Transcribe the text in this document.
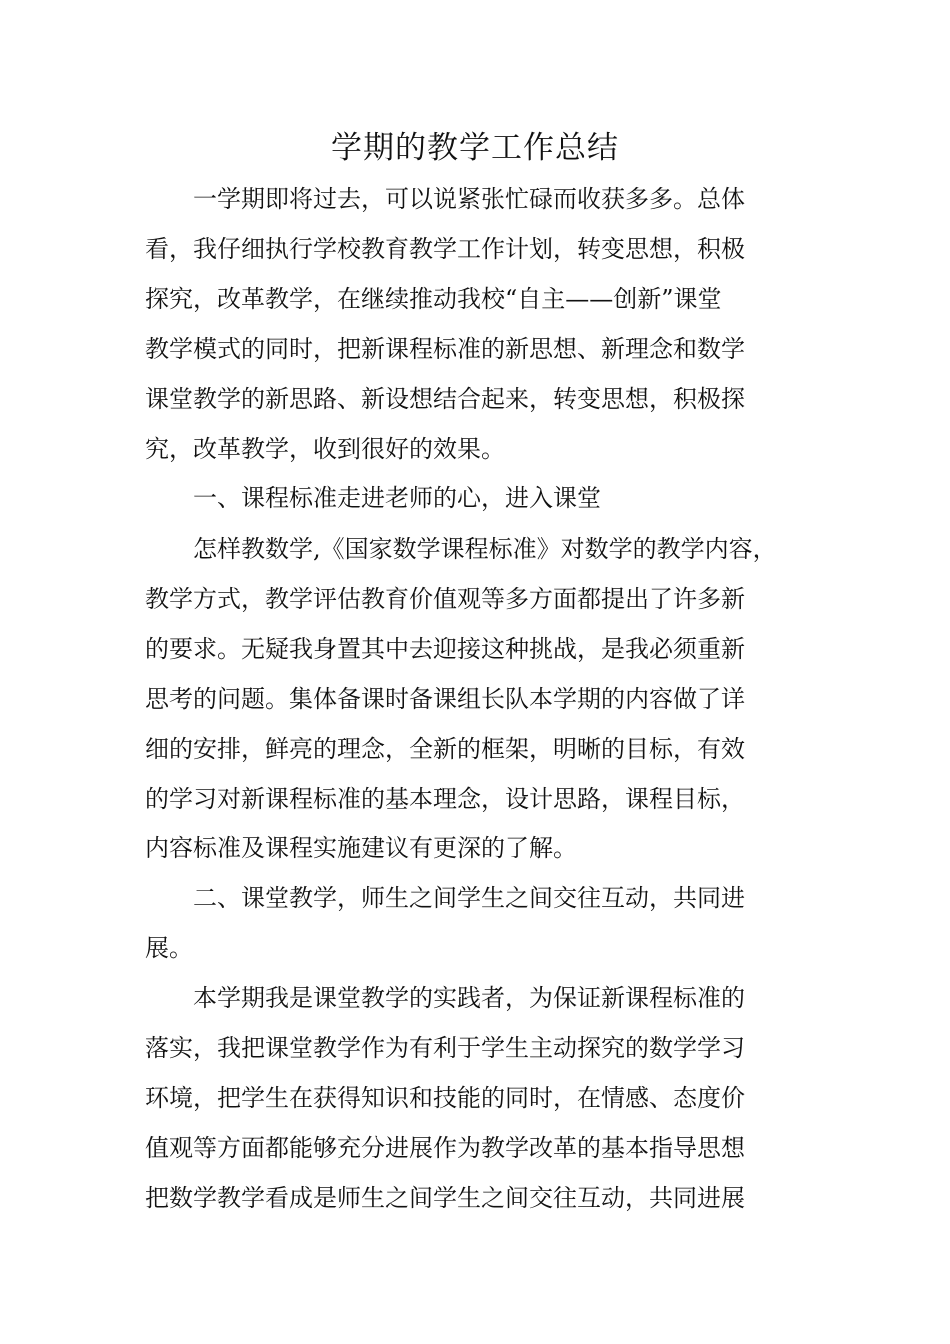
学期的教学工作总结

　　一学期即将过去，可以说紧张忙碌而收获多多。总体

看，我仔细执行学校教育教学工作计划，转变思想，积极

探究，改革教学，在继续推动我校“自主——创新”课堂

教学模式的同时，把新课程标准的新思想、新理念和数学

课堂教学的新思路、新设想结合起来，转变思想，积极探

究，改革教学，收到很好的效果。

　　一、课程标准走进老师的心，进入课堂

　　怎样教数学,《国家数学课程标准》对数学的教学内容，

教学方式，教学评估教育价值观等多方面都提出了许多新

的要求。无疑我身置其中去迎接这种挑战，是我必须重新

思考的问题。集体备课时备课组长队本学期的内容做了详

细的安排，鲜亮的理念，全新的框架，明晰的目标，有效

的学习对新课程标准的基本理念，设计思路，课程目标，

内容标准及课程实施建议有更深的了解。

　　二、课堂教学，师生之间学生之间交往互动，共同进

展。

　　本学期我是课堂教学的实践者，为保证新课程标准的

落实，我把课堂教学作为有利于学生主动探究的数学学习

环境，把学生在获得知识和技能的同时，在情感、态度价

值观等方面都能够充分进展作为教学改革的基本指导思想

把数学教学看成是师生之间学生之间交往互动，共同进展
